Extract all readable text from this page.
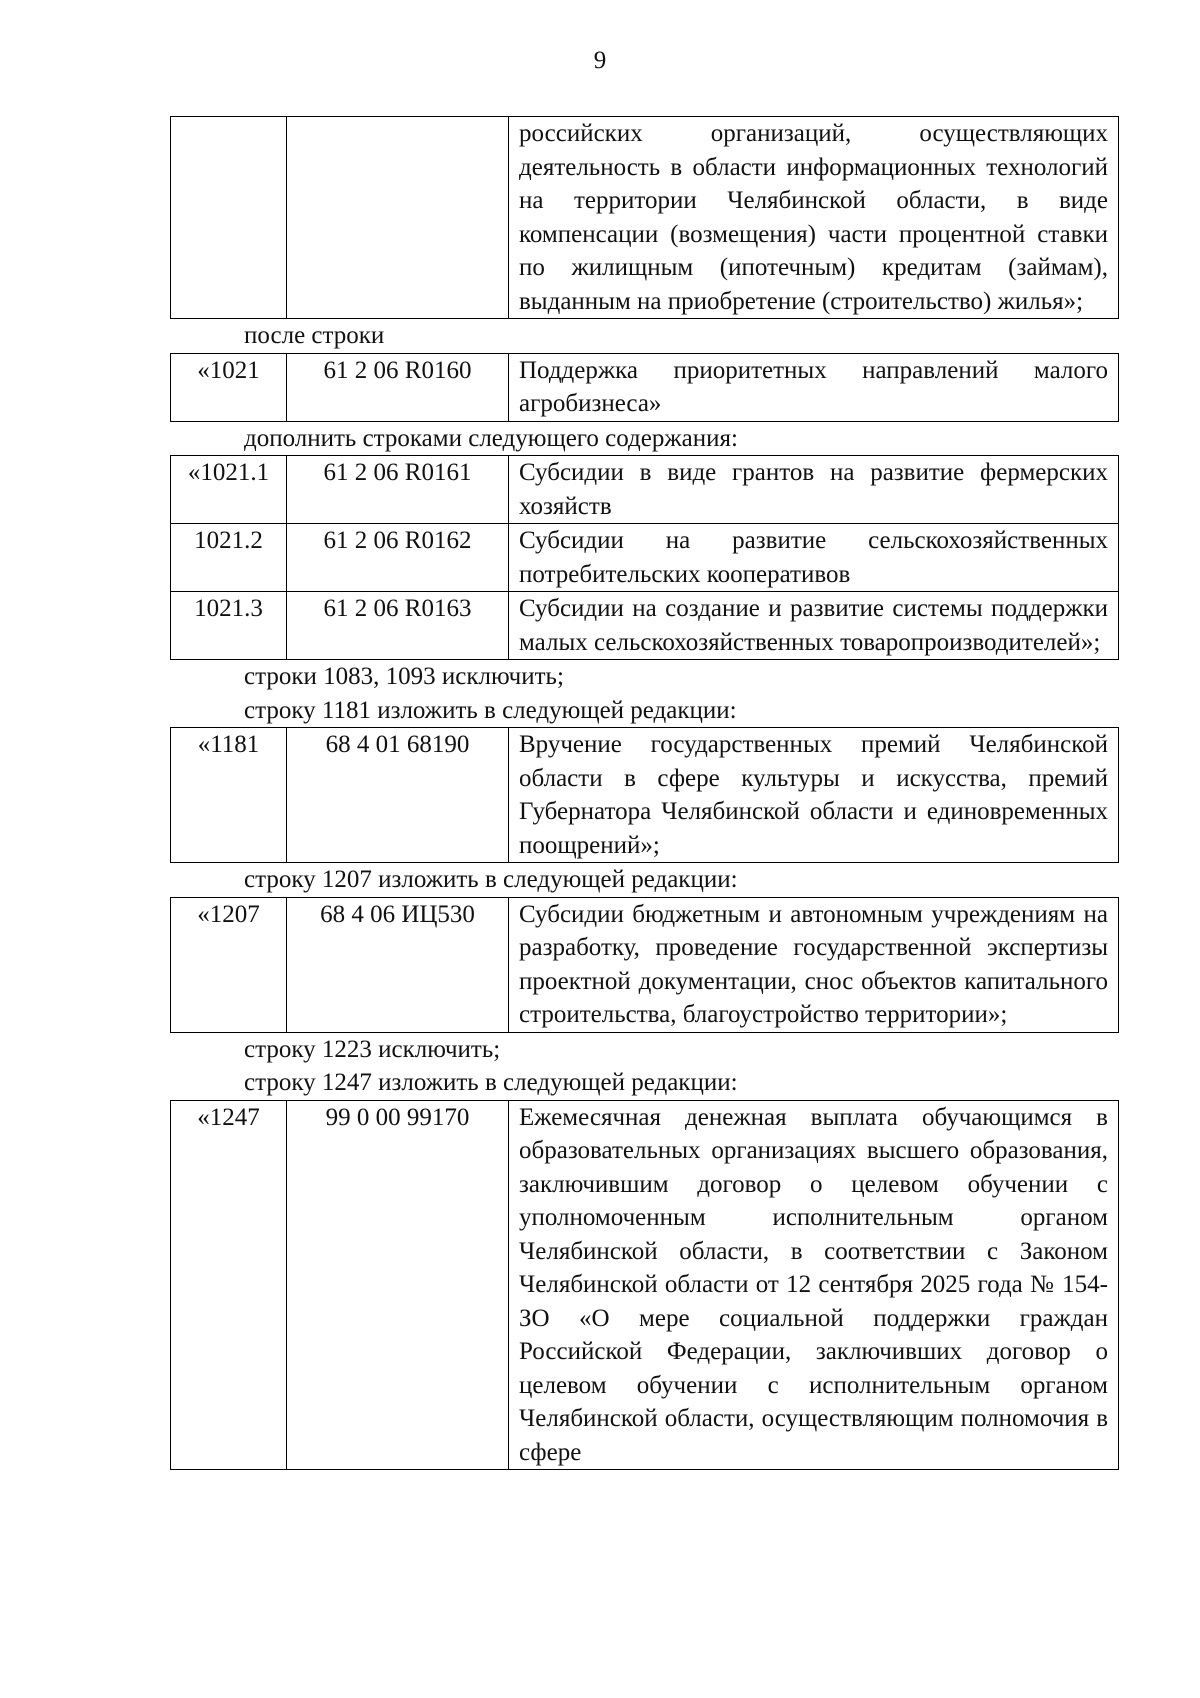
9
		российских организаций, осуществляющих деятельность в области информационных технологий на территории Челябинской области, в виде компенсации (возмещения) части процентной ставки по жилищным (ипотечным) кредитам (займам), выданным на приобретение (строительство) жилья»;

после строки

«1021	61 2 06 R0160	Поддержка приоритетных направлений малого агробизнеса»

дополнить строками следующего содержания:

«1021.1	61 2 06 R0161	Субсидии в виде грантов на развитие фермерских хозяйств
1021.2	61 2 06 R0162	Субсидии на развитие сельскохозяйственных потребительских кооперативов
1021.3	61 2 06 R0163	Субсидии на создание и развитие системы поддержки малых сельскохозяйственных товаропроизводителей»;

строки 1083, 1093 исключить;

строку 1181 изложить в следующей редакции:

«1181	68 4 01 68190	Вручение государственных премий Челябинской области в сфере культуры и искусства, премий Губернатора Челябинской области и единовременных поощрений»;

строку 1207 изложить в следующей редакции:

«1207	68 4 06 ИЦ530	Субсидии бюджетным и автономным учреждениям на разработку, проведение государственной экспертизы проектной документации, снос объектов капитального строительства, благоустройство территории»;

строку 1223 исключить;

строку 1247 изложить в следующей редакции:

«1247	99 0 00 99170	Ежемесячная денежная выплата обучающимся в образовательных организациях высшего образования, заключившим договор о целевом обучении с уполномоченным исполнительным органом Челябинской области, в соответствии с Законом Челябинской области от 12 сентября 2025 года № 154-ЗО «О мере социальной поддержки граждан Российской Федерации, заключивших договор о целевом обучении с исполнительным органом Челябинской области, осуществляющим полномочия в сфере
